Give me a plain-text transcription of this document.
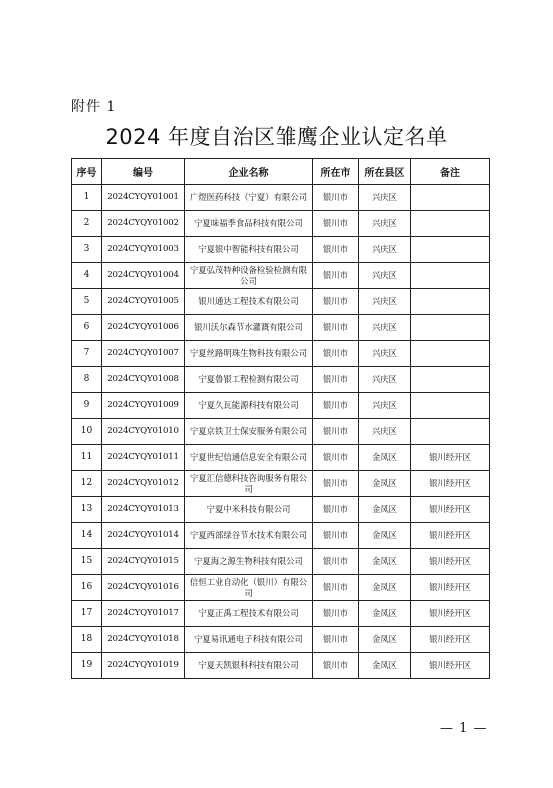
附件 1
2024 年度自治区雏鹰企业认定名单
序号	编号	企业名称	所在市	所在县区	备注
1	2024CYQY01001	广煜医药科技（宁夏）有限公司	银川市	兴庆区	
2	2024CYQY01002	宁夏味福季食品科技有限公司	银川市	兴庆区	
3	2024CYQY01003	宁夏银中智能科技有限公司	银川市	兴庆区	
4	2024CYQY01004	宁夏弘茂特种设备检验检测有限公司	银川市	兴庆区	
5	2024CYQY01005	银川通达工程技术有限公司	银川市	兴庆区	
6	2024CYQY01006	银川沃尔森节水灌溉有限公司	银川市	兴庆区	
7	2024CYQY01007	宁夏丝路明珠生物科技有限公司	银川市	兴庆区	
8	2024CYQY01008	宁夏鲁银工程检测有限公司	银川市	兴庆区	
9	2024CYQY01009	宁夏久瓦能源科技有限公司	银川市	兴庆区	
10	2024CYQY01010	宁夏京铁卫士保安服务有限公司	银川市	兴庆区	
11	2024CYQY01011	宁夏世纪信通信息安全有限公司	银川市	金凤区	银川经开区
12	2024CYQY01012	宁夏汇信德科技咨询服务有限公司	银川市	金凤区	银川经开区
13	2024CYQY01013	宁夏中米科技有限公司	银川市	金凤区	银川经开区
14	2024CYQY01014	宁夏西部绿谷节水技术有限公司	银川市	金凤区	银川经开区
15	2024CYQY01015	宁夏海之源生物科技有限公司	银川市	金凤区	银川经开区
16	2024CYQY01016	信恒工业自动化（银川）有限公司	银川市	金凤区	银川经开区
17	2024CYQY01017	宁夏正禹工程技术有限公司	银川市	金凤区	银川经开区
18	2024CYQY01018	宁夏易讯通电子科技有限公司	银川市	金凤区	银川经开区
19	2024CYQY01019	宁夏天凯银科科技有限公司	银川市	金凤区	银川经开区
— 1 —
